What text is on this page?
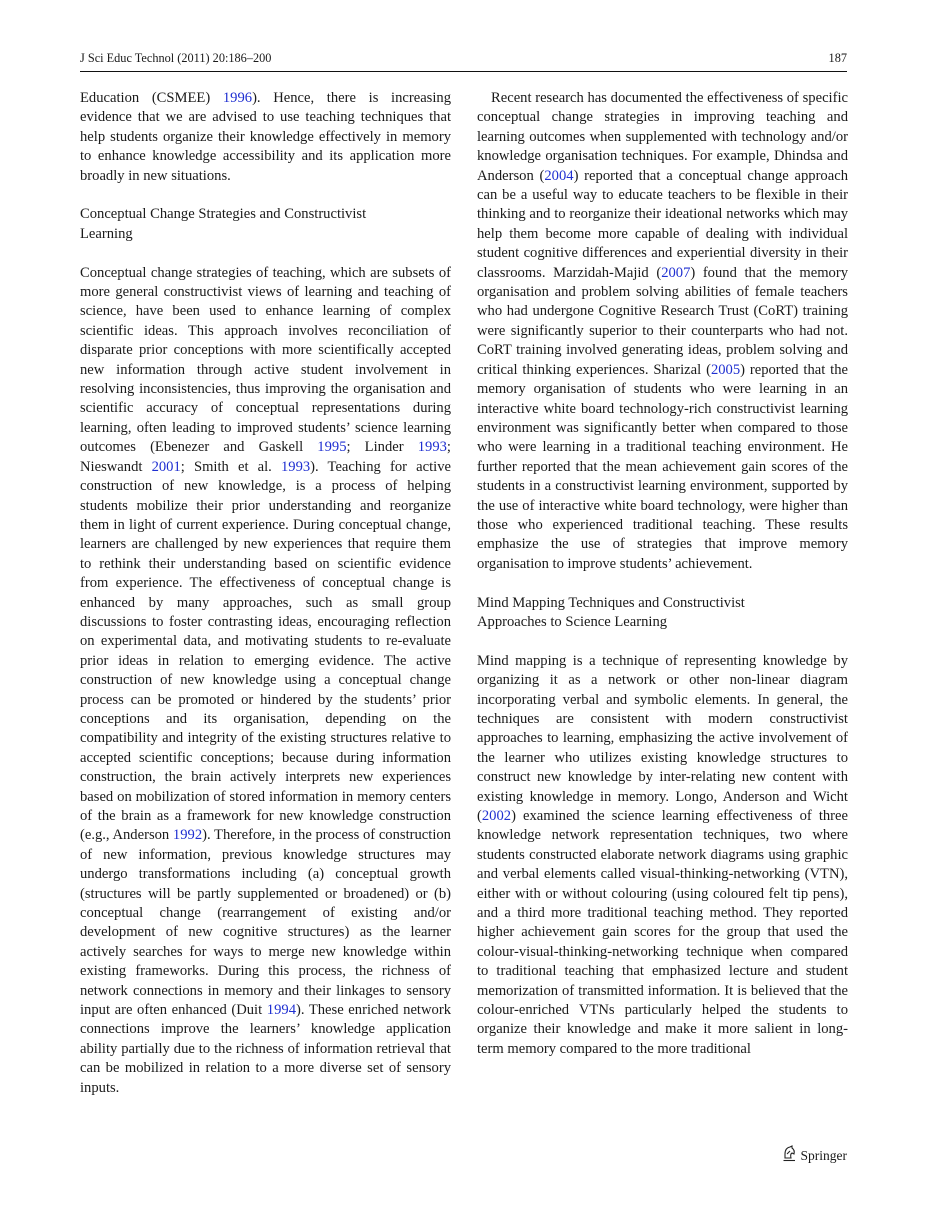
J Sci Educ Technol (2011) 20:186–200	187

Education (CSMEE) 1996). Hence, there is increasing evidence that we are advised to use teaching techniques that help students organize their knowledge effectively in memory to enhance knowledge accessibility and its application more broadly in new situations.

Conceptual Change Strategies and Constructivist
Learning

Conceptual change strategies of teaching, which are subsets of more general constructivist views of learning and teaching of science, have been used to enhance learning of complex scientific ideas. This approach involves reconciliation of disparate prior conceptions with more scientifically accepted new information through active student involvement in resolving inconsistencies, thus improving the organisation and scientific accuracy of conceptual representations during learning, often leading to improved students’ science learning outcomes (Ebenezer and Gaskell 1995; Linder 1993; Nieswandt 2001; Smith et al. 1993). Teaching for active construction of new knowledge, is a process of helping students mobilize their prior understanding and reorganize them in light of current experience. During conceptual change, learners are challenged by new experiences that require them to rethink their understanding based on scientific evidence from experience. The effectiveness of conceptual change is enhanced by many approaches, such as small group discussions to foster contrasting ideas, encouraging reflection on experimental data, and motivating students to re-evaluate prior ideas in relation to emerging evidence. The active construction of new knowledge using a conceptual change process can be promoted or hindered by the students’ prior conceptions and its organisation, depending on the compatibility and integrity of the existing structures relative to accepted scientific conceptions; because during information construction, the brain actively interprets new experiences based on mobilization of stored information in memory centers of the brain as a framework for new knowledge construction (e.g., Anderson 1992). Therefore, in the process of construction of new information, previous knowledge structures may undergo transformations including (a) conceptual growth (structures will be partly supplemented or broadened) or (b) conceptual change (rearrangement of existing and/or development of new cognitive structures) as the learner actively searches for ways to merge new knowledge within existing frameworks. During this process, the richness of network connections in memory and their linkages to sensory input are often enhanced (Duit 1994). These enriched network connections improve the learners’ knowledge application ability partially due to the richness of information retrieval that can be mobilized in relation to a more diverse set of sensory inputs.

Recent research has documented the effectiveness of specific conceptual change strategies in improving teaching and learning outcomes when supplemented with technology and/or knowledge organisation techniques. For example, Dhindsa and Anderson (2004) reported that a conceptual change approach can be a useful way to educate teachers to be flexible in their thinking and to reorganize their ideational networks which may help them become more capable of dealing with individual student cognitive differences and experiential diversity in their classrooms. Marzidah-Majid (2007) found that the memory organisation and problem solving abilities of female teachers who had undergone Cognitive Research Trust (CoRT) training were significantly superior to their counterparts who had not. CoRT training involved generating ideas, problem solving and critical thinking experiences. Sharizal (2005) reported that the memory organisation of students who were learning in an interactive white board technology-rich constructivist learning environment was significantly better when compared to those who were learning in a traditional teaching environment. He further reported that the mean achievement gain scores of the students in a constructivist learning environment, supported by the use of interactive white board technology, were higher than those who experienced traditional teaching. These results emphasize the use of strategies that improve memory organisation to improve students’ achievement.

Mind Mapping Techniques and Constructivist
Approaches to Science Learning

Mind mapping is a technique of representing knowledge by organizing it as a network or other non-linear diagram incorporating verbal and symbolic elements. In general, the techniques are consistent with modern constructivist approaches to learning, emphasizing the active involvement of the learner who utilizes existing knowledge structures to construct new knowledge by inter-relating new content with existing knowledge in memory. Longo, Anderson and Wicht (2002) examined the science learning effectiveness of three knowledge network representation techniques, two where students constructed elaborate network diagrams using graphic and verbal elements called visual-thinking-networking (VTN), either with or without colouring (using coloured felt tip pens), and a third more traditional teaching method. They reported higher achievement gain scores for the group that used the colour-visual-thinking-networking technique when compared to traditional teaching that emphasized lecture and student memorization of transmitted information. It is believed that the colour-enriched VTNs particularly helped the students to organize their knowledge and make it more salient in long-term memory compared to the more traditional

Springer
